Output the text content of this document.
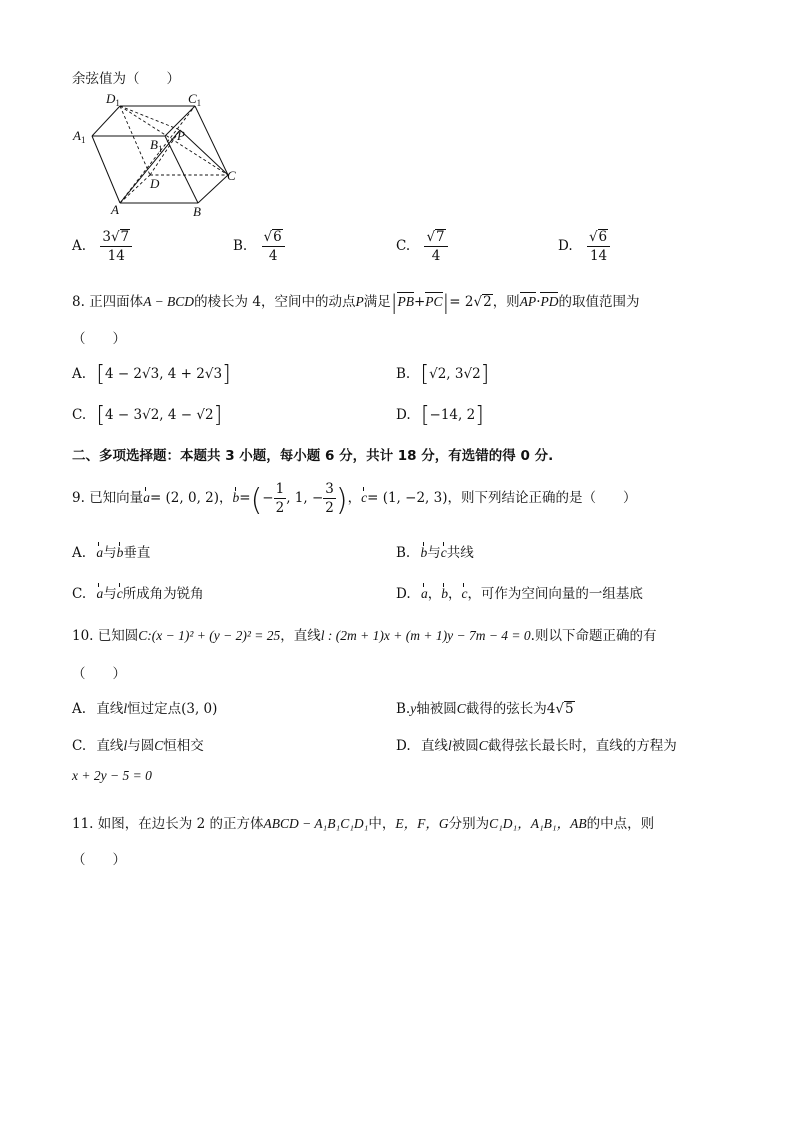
余弦值为（　　）
$D_1$	$C_1$
$A_1$	$B_1$
P
D
C
A	B
A. $\frac{3√7}{14}$	B. $\frac{√6}{4}$	C. $\frac{√7}{4}$	D. $\frac{√6}{14}$
8. 正四面体A − BCD的棱长为 4，空间中的动点P满足|PB+PC|= 2√2，则AP·PD的取值范围为
（　　）
A. [4 − 2√3, 4 + 2√3]	B. [√2, 3√2]
C. [4 − 3√2, 4 − √2]	D. [−14, 2]
二、多项选择题：本题共 3 小题，每小题 6 分，共计 18 分，有选错的得 0 分.
9. 已知向量a= (2, 0, 2)，$b=(- \frac{1}{2}$ , 1, − $\frac{3}{2}$ )，c= (1, −2, 3)，则下列结论正确的是（　　）
A. a与b垂直	B. b与c共线
C. a与c所成角为锐角	D. a，b，c，可作为空间向量的一组基底
10. 已知圆C:(x − 1)² + (y − 2)² = 25，直线l : (2m + 1)x + (m + 1)y − 7m − 4 = 0.则以下命题正确的有
（　　）
A. 直线l恒过定点(3, 0)	B.y轴被圆C截得的弦长为4√5
C. 直线l与圆C恒相交	D. 直线l被圆C截得弦长最长时，直线的方程为
x + 2y − 5 = 0
11. 如图，在边长为 2 的正方体ABCD − A₁B₁C₁D₁中，E，F，G分别为C₁D₁，A₁B₁，AB的中点，则
（　　）
